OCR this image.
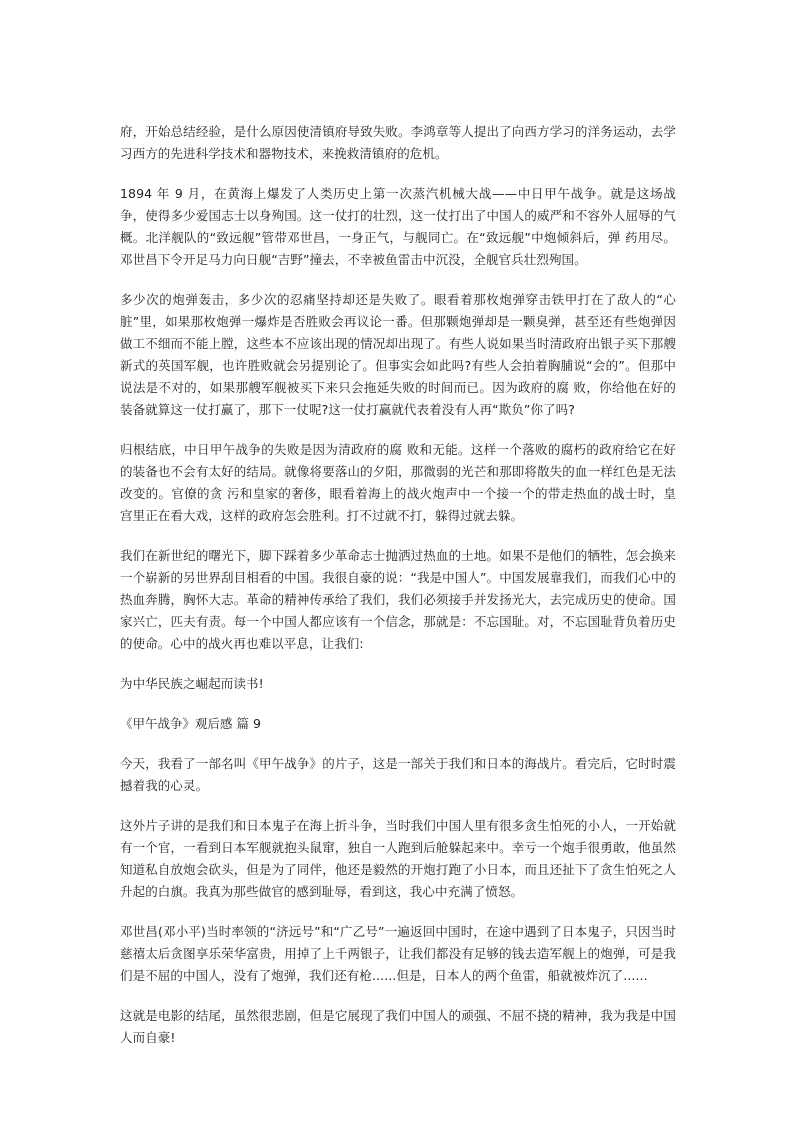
府，开始总结经验，是什么原因使清镇府导致失败。李鸿章等人提出了向西方学习的洋务运动，去学习西方的先进科学技术和器物技术，来挽救清镇府的危机。

1894 年 9 月，在黄海上爆发了人类历史上第一次蒸汽机械大战——中日甲午战争。就是这场战争，使得多少爱国志士以身殉国。这一仗打的壮烈，这一仗打出了中国人的威严和不容外人屈辱的气概。北洋舰队的“致远舰”管带邓世昌，一身正气，与舰同亡。在“致远舰”中炮倾斜后，弹 药用尽。邓世昌下令开足马力向日舰“吉野”撞去，不幸被鱼雷击中沉没，全舰官兵壮烈殉国。

多少次的炮弹轰击，多少次的忍痛坚持却还是失败了。眼看着那枚炮弹穿击铁甲打在了敌人的“心脏”里，如果那枚炮弹一爆炸是否胜败会再议论一番。但那颗炮弹却是一颗臭弹，甚至还有些炮弹因做工不细而不能上膛，这些本不应该出现的情况却出现了。有些人说如果当时清政府出银子买下那艘新式的英国军舰，也许胜败就会另提别论了。但事实会如此吗?有些人会拍着胸脯说“会的”。但那中说法是不对的，如果那艘军舰被买下来只会拖延失败的时间而已。因为政府的腐 败，你给他在好的装备就算这一仗打赢了，那下一仗呢?这一仗打赢就代表着没有人再“欺负”你了吗?

归根结底，中日甲午战争的失败是因为清政府的腐 败和无能。这样一个落败的腐朽的政府给它在好的装备也不会有太好的结局。就像将要落山的夕阳，那微弱的光芒和那即将散失的血一样红色是无法改变的。官僚的贪 污和皇家的奢侈，眼看着海上的战火炮声中一个接一个的带走热血的战士时，皇宫里正在看大戏，这样的政府怎会胜利。打不过就不打，躲得过就去躲。

我们在新世纪的曙光下，脚下踩着多少革命志士抛洒过热血的土地。如果不是他们的牺牲，怎会换来一个崭新的另世界刮目相看的中国。我很自豪的说：“我是中国人”。中国发展靠我们，而我们心中的热血奔腾，胸怀大志。革命的精神传承给了我们，我们必须接手并发扬光大，去完成历史的使命。国家兴亡，匹夫有责。每一个中国人都应该有一个信念，那就是：不忘国耻。对，不忘国耻背负着历史的使命。心中的战火再也难以平息，让我们:

为中华民族之崛起而读书!

《甲午战争》观后感 篇 9

今天，我看了一部名叫《甲午战争》的片子，这是一部关于我们和日本的海战片。看完后，它时时震撼着我的心灵。

这外片子讲的是我们和日本鬼子在海上折斗争，当时我们中国人里有很多贪生怕死的小人，一开始就有一个官，一看到日本军舰就抱头鼠窜，独自一人跑到后舱躲起来中。幸亏一个炮手很勇敢，他虽然知道私自放炮会砍头，但是为了同伴，他还是毅然的开炮打跑了小日本，而且还扯下了贪生怕死之人升起的白旗。我真为那些做官的感到耻辱，看到这，我心中充满了愤怒。

邓世昌(邓小平)当时率领的“济远号”和“广乙号”一遍返回中国时，在途中遇到了日本鬼子，只因当时慈禧太后贪图享乐荣华富贵，用掉了上千两银子，让我们都没有足够的钱去造军舰上的炮弹，可是我们是不屈的中国人，没有了炮弹，我们还有枪......但是，日本人的两个鱼雷，船就被炸沉了......

这就是电影的结尾，虽然很悲剧，但是它展现了我们中国人的顽强、不屈不挠的精神，我为我是中国人而自豪!
